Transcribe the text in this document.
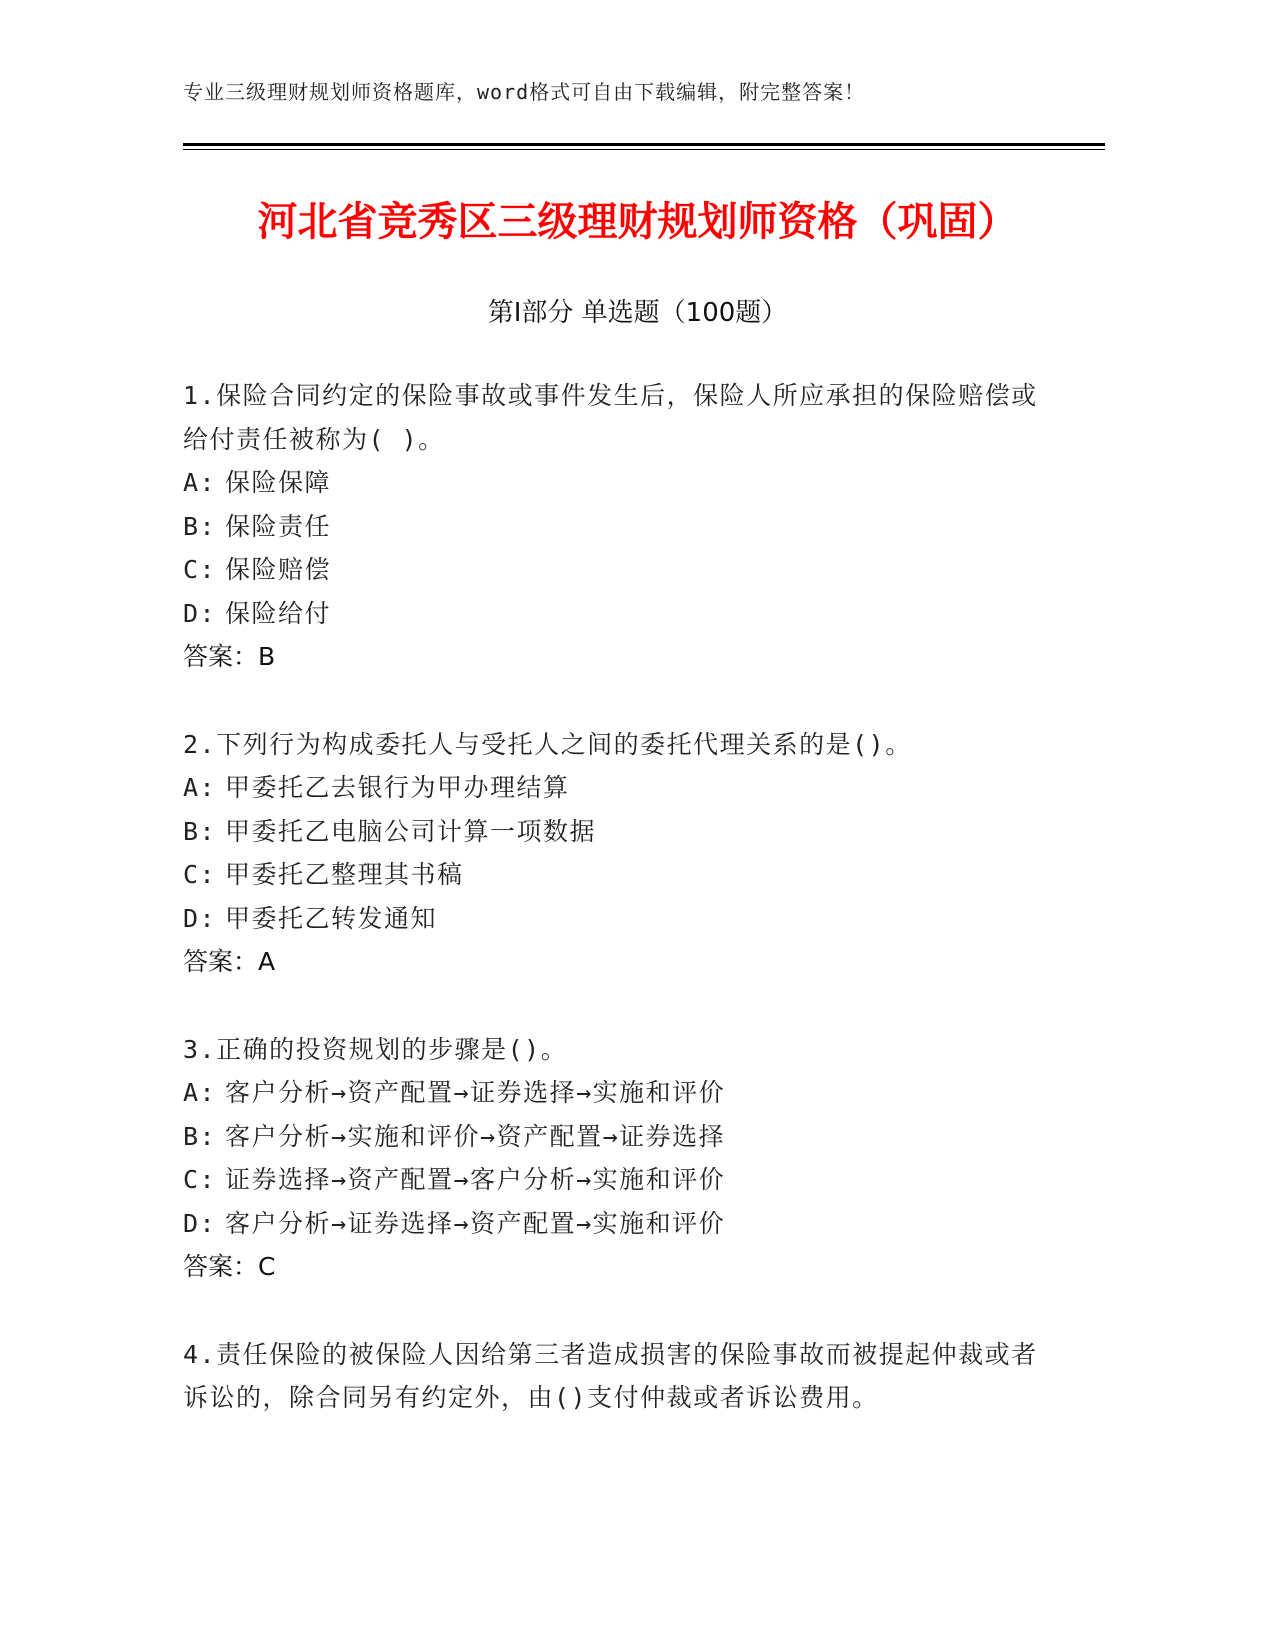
专业三级理财规划师资格题库，word格式可自由下载编辑，附完整答案！
河北省竞秀区三级理财规划师资格（巩固）
第I部分 单选题（100题）
1.保险合同约定的保险事故或事件发生后，保险人所应承担的保险赔偿或给付责任被称为( )。
A: 保险保障
B: 保险责任
C: 保险赔偿
D: 保险给付
答案：B
2.下列行为构成委托人与受托人之间的委托代理关系的是()。
A: 甲委托乙去银行为甲办理结算
B: 甲委托乙电脑公司计算一项数据
C: 甲委托乙整理其书稿
D: 甲委托乙转发通知
答案：A
3.正确的投资规划的步骤是()。
A: 客户分析→资产配置→证券选择→实施和评价
B: 客户分析→实施和评价→资产配置→证券选择
C: 证券选择→资产配置→客户分析→实施和评价
D: 客户分析→证券选择→资产配置→实施和评价
答案：C
4.责任保险的被保险人因给第三者造成损害的保险事故而被提起仲裁或者诉讼的，除合同另有约定外，由()支付仲裁或者诉讼费用。
